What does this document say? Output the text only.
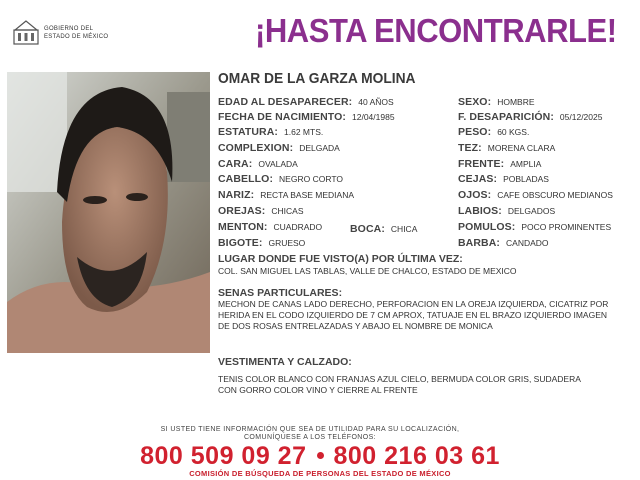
GOBIERNO DEL
ESTADO DE MÉXICO	¡HASTA ENCONTRARLE!
OMAR DE LA GARZA MOLINA
EDAD AL DESAPARECER: 40 AÑOS
FECHA DE NACIMIENTO: 12/04/1985
ESTATURA: 1.62 MTS.
COMPLEXION: DELGADA
CARA: OVALADA
CABELLO: NEGRO CORTO
NARIZ: RECTA BASE MEDIANA
OREJAS: CHICAS
MENTON: CUADRADO	BOCA: CHICA
BIGOTE: GRUESO
SEXO: HOMBRE
F. DESAPARICIÓN: 05/12/2025
PESO: 60 KGS.
TEZ: MORENA CLARA
FRENTE: AMPLIA
CEJAS: POBLADAS
OJOS: CAFE OBSCURO MEDIANOS
LABIOS: DELGADOS
POMULOS: POCO PROMINENTES
BARBA: CANDADO
LUGAR DONDE FUE VISTO(A) POR ÚLTIMA VEZ:
COL. SAN MIGUEL LAS TABLAS, VALLE DE CHALCO, ESTADO DE MEXICO
SENAS PARTICULARES:
MECHON DE CANAS LADO DERECHO, PERFORACION EN LA OREJA IZQUIERDA, CICATRIZ POR HERIDA EN EL CODO IZQUIERDO DE 7 CM APROX, TATUAJE EN EL BRAZO IZQUIERDO IMAGEN DE DOS ROSAS ENTRELAZADAS Y ABAJO EL NOMBRE DE MONICA
VESTIMENTA Y CALZADO:
TENIS COLOR BLANCO CON FRANJAS AZUL CIELO, BERMUDA COLOR GRIS, SUDADERA CON GORRO COLOR VINO Y CIERRE AL FRENTE
SI USTED TIENE INFORMACIÓN QUE SEA DE UTILIDAD PARA SU LOCALIZACIÓN,
COMUNÍQUESE A LOS TELÉFONOS:
800 509 09 27 800 216 03 61
COMISIÓN DE BÚSQUEDA DE PERSONAS DEL ESTADO DE MÉXICO
